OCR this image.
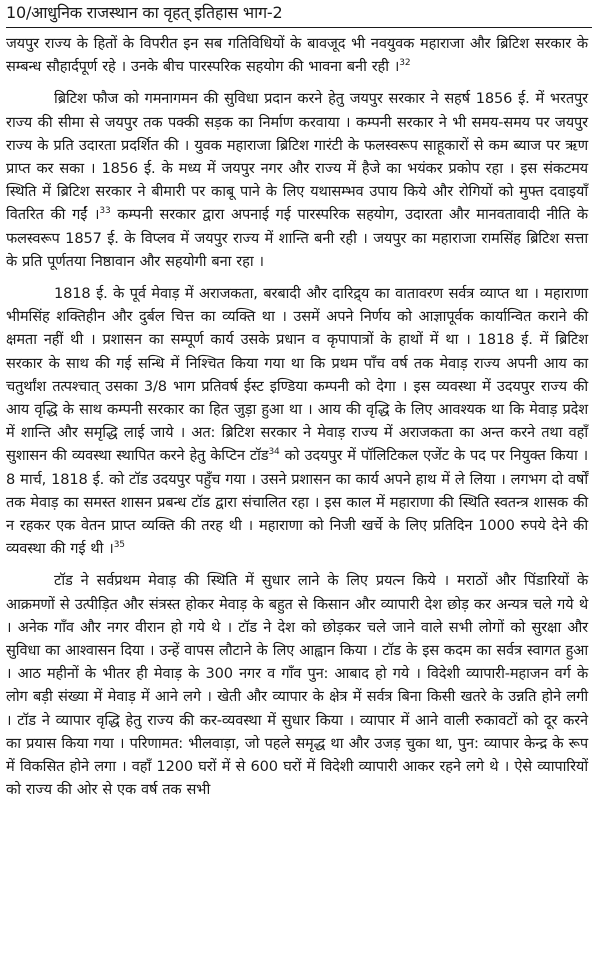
10/आधुनिक राजस्थान का वृहत् इतिहास भाग-2

जयपुर राज्य के हितों के विपरीत इन सब गतिविधियों के बावजूद भी नवयुवक महाराजा और ब्रिटिश सरकार के सम्बन्ध सौहार्दपूर्ण रहे । उनके बीच पारस्परिक सहयोग की भावना बनी रही ।$^{32}$

ब्रिटिश फौज को गमनागमन की सुविधा प्रदान करने हेतु जयपुर सरकार ने सहर्ष 1856 ई. में भरतपुर राज्य की सीमा से जयपुर तक पक्की सड़क का निर्माण करवाया । कम्पनी सरकार ने भी समय-समय पर जयपुर राज्य के प्रति उदारता प्रदर्शित की । युवक महाराजा ब्रिटिश गारंटी के फलस्वरूप साहूकारों से कम ब्याज पर ऋण प्राप्त कर सका । 1856 ई. के मध्य में जयपुर नगर और राज्य में हैजे का भयंकर प्रकोप रहा । इस संकटमय स्थिति में ब्रिटिश सरकार ने बीमारी पर काबू पाने के लिए यथासम्भव उपाय किये और रोगियों को मुफ्त दवाइयाँ वितरित की गईं ।$^{33}$ कम्पनी सरकार द्वारा अपनाई गई पारस्परिक सहयोग, उदारता और मानवतावादी नीति के फलस्वरूप 1857 ई. के विप्लव में जयपुर राज्य में शान्ति बनी रही । जयपुर का महाराजा रामसिंह ब्रिटिश सत्ता के प्रति पूर्णतया निष्ठावान और सहयोगी बना रहा ।

1818 ई. के पूर्व मेवाड़ में अराजकता, बरबादी और दारिद्र्य का वातावरण सर्वत्र व्याप्त था । महाराणा भीमसिंह शक्तिहीन और दुर्बल चित्त का व्यक्ति था । उसमें अपने निर्णय को आज्ञापूर्वक कार्यान्वित कराने की क्षमता नहीं थी । प्रशासन का सम्पूर्ण कार्य उसके प्रधान व कृपापात्रों के हाथों में था । 1818 ई. में ब्रिटिश सरकार के साथ की गई सन्धि में निश्चित किया गया था कि प्रथम पाँच वर्ष तक मेवाड़ राज्य अपनी आय का चतुर्थांश तत्पश्चात् उसका 3/8 भाग प्रतिवर्ष ईस्ट इण्डिया कम्पनी को देगा । इस व्यवस्था में उदयपुर राज्य की आय वृद्धि के साथ कम्पनी सरकार का हित जुड़ा हुआ था । आय की वृद्धि के लिए आवश्यक था कि मेवाड़ प्रदेश में शान्ति और समृद्धि लाई जाये । अत: ब्रिटिश सरकार ने मेवाड़ राज्य में अराजकता का अन्त करने तथा वहाँ सुशासन की व्यवस्था स्थापित करने हेतु केप्टिन टॉड$^{34}$ को उदयपुर में पॉलिटिकल एजेंट के पद पर नियुक्त किया । 8 मार्च, 1818 ई. को टॉड उदयपुर पहुँच गया । उसने प्रशासन का कार्य अपने हाथ में ले लिया । लगभग दो वर्षों तक मेवाड़ का समस्त शासन प्रबन्ध टॉड द्वारा संचालित रहा । इस काल में महाराणा की स्थिति स्वतन्त्र शासक की न रहकर एक वेतन प्राप्त व्यक्ति की तरह थी । महाराणा को निजी खर्चे के लिए प्रतिदिन 1000 रुपये देने की व्यवस्था की गई थी ।$^{35}$

टॉड ने सर्वप्रथम मेवाड़ की स्थिति में सुधार लाने के लिए प्रयत्न किये । मराठों और पिंडारियों के आक्रमणों से उत्पीड़ित और संत्रस्त होकर मेवाड़ के बहुत से किसान और व्यापारी देश छोड़ कर अन्यत्र चले गये थे । अनेक गाँव और नगर वीरान हो गये थे । टॉड ने देश को छोड़कर चले जाने वाले सभी लोगों को सुरक्षा और सुविधा का आश्वासन दिया । उन्हें वापस लौटाने के लिए आह्वान किया । टॉड के इस कदम का सर्वत्र स्वागत हुआ । आठ महीनों के भीतर ही मेवाड़ के 300 नगर व गाँव पुन: आबाद हो गये । विदेशी व्यापारी-महाजन वर्ग के लोग बड़ी संख्या में मेवाड़ में आने लगे । खेती और व्यापार के क्षेत्र में सर्वत्र बिना किसी खतरे के उन्नति होने लगी । टॉड ने व्यापार वृद्धि हेतु राज्य की कर-व्यवस्था में सुधार किया । व्यापार में आने वाली रुकावटों को दूर करने का प्रयास किया गया । परिणामत: भीलवाड़ा, जो पहले समृद्ध था और उजड़ चुका था, पुन: व्यापार केन्द्र के रूप में विकसित होने लगा । वहाँ 1200 घरों में से 600 घरों में विदेशी व्यापारी आकर रहने लगे थे । ऐसे व्यापारियों को राज्य की ओर से एक वर्ष तक सभी
